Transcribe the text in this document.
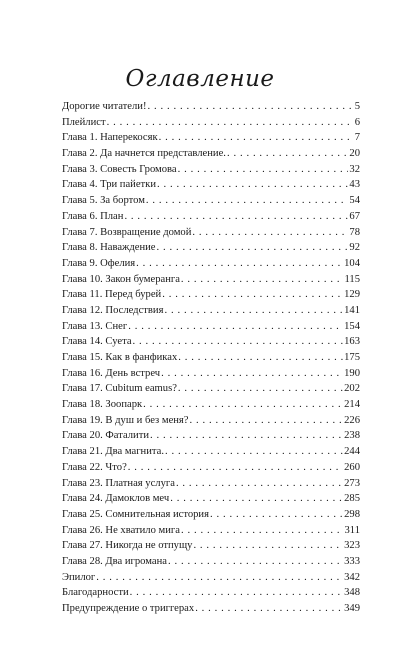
Оглавление
Дорогие читатели! . . .	5
Плейлист . . .	6
Глава 1. Наперекосяк . . .	7
Глава 2. Да начнется представление. . . .	20
Глава 3. Совесть Громова . . .	32
Глава 4. Три пайетки . . .	43
Глава 5. За бортом . . .	54
Глава 6. План . . .	67
Глава 7. Возвращение домой . . .	78
Глава 8. Наваждение . . .	92
Глава 9. Офелия . . .	104
Глава 10. Закон бумеранга . . .	115
Глава 11. Перед бурей . . .	129
Глава 12. Последствия . . .	141
Глава 13. Снег . . .	154
Глава 14. Суета . . .	163
Глава 15. Как в фанфиках . . .	175
Глава 16. День встреч . . .	190
Глава 17. Cubitum eamus? . . .	202
Глава 18. Зоопарк . . .	214
Глава 19. В душ и без меня? . . .	226
Глава 20. Фаталити . . .	238
Глава 21. Два магнита. . . .	244
Глава 22. Что? . . .	260
Глава 23. Платная услуга . . .	273
Глава 24. Дамоклов меч . . .	285
Глава 25. Сомнительная история . . .	298
Глава 26. Не хватило мига . . .	311
Глава 27. Никогда не отпущу . . .	323
Глава 28. Два игромана . . .	333
Эпилог . . .	342
Благодарности . . .	348
Предупреждение о триггерах . . .	349
